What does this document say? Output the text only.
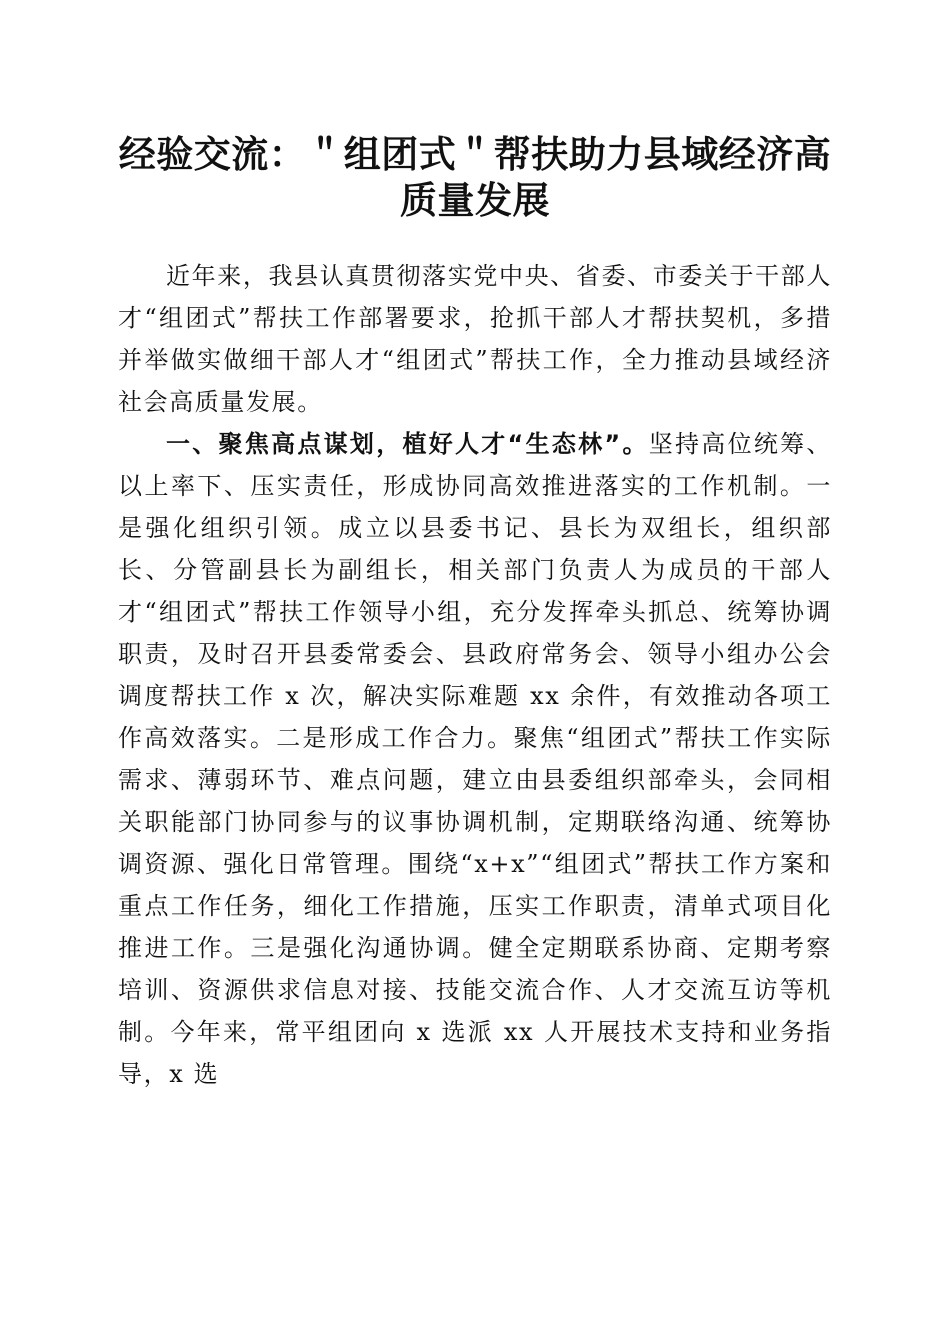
经验交流：＂组团式＂帮扶助力县域经济高质量发展

近年来，我县认真贯彻落实党中央、省委、市委关于干部人才“组团式”帮扶工作部署要求，抢抓干部人才帮扶契机，多措并举做实做细干部人才“组团式”帮扶工作，全力推动县域经济社会高质量发展。

一、聚焦高点谋划，植好人才“生态林”。坚持高位统筹、以上率下、压实责任，形成协同高效推进落实的工作机制。一是强化组织引领。成立以县委书记、县长为双组长，组织部长、分管副县长为副组长，相关部门负责人为成员的干部人才“组团式”帮扶工作领导小组，充分发挥牵头抓总、统筹协调职责，及时召开县委常委会、县政府常务会、领导小组办公会调度帮扶工作 x 次，解决实际难题 xx 余件，有效推动各项工作高效落实。二是形成工作合力。聚焦“组团式”帮扶工作实际需求、薄弱环节、难点问题，建立由县委组织部牵头，会同相关职能部门协同参与的议事协调机制，定期联络沟通、统筹协调资源、强化日常管理。围绕“x+x”“组团式”帮扶工作方案和重点工作任务，细化工作措施，压实工作职责，清单式项目化推进工作。三是强化沟通协调。健全定期联系协商、定期考察培训、资源供求信息对接、技能交流合作、人才交流互访等机制。今年来，常平组团向 x 选派 xx 人开展技术支持和业务指导，x 选
